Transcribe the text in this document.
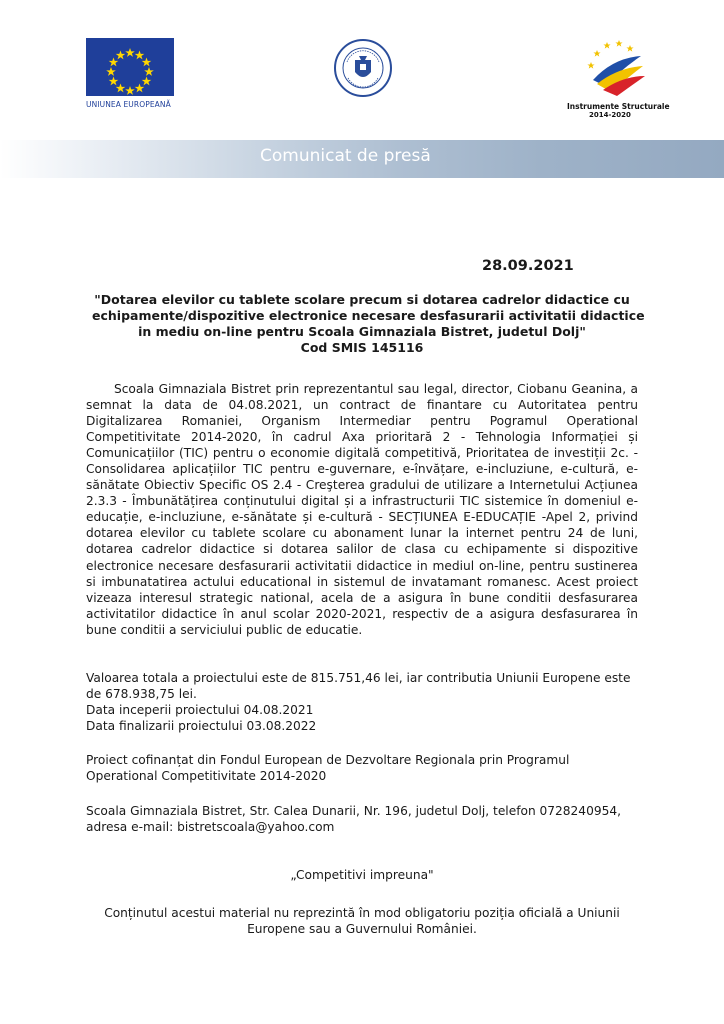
UNIUNEA EUROPEANĂ	Instrumente Structurale
2014-2020
Comunicat de presă
28.09.2021
"Dotarea elevilor cu tablete scolare precum si dotarea cadrelor didactice cu
echipamente/dispozitive electronice necesare desfasurarii activitatii didactice
in mediu on-line pentru Scoala Gimnaziala Bistret, judetul Dolj"
Cod SMIS 145116
Scoala Gimnaziala Bistret prin reprezentantul sau legal, director, Ciobanu Geanina, a semnat la data de 04.08.2021, un contract de finantare cu Autoritatea pentru Digitalizarea Romaniei, Organism Intermediar pentru Pogramul Operational Competitivitate 2014-2020, în cadrul Axa prioritară 2 - Tehnologia Informației și Comunicațiilor (TIC) pentru o economie digitală competitivă, Prioritatea de investiții 2c. - Consolidarea aplicațiilor TIC pentru e-guvernare, e-învățare, e-incluziune, e-cultură, e-sănătate Obiectiv Specific OS 2.4 - Creşterea gradului de utilizare a Internetului Acțiunea 2.3.3 - Îmbunătățirea conținutului digital și a infrastructurii TIC sistemice în domeniul e-educație, e-incluziune, e-sănătate și e-cultură - SECȚIUNEA E-EDUCAȚIE -Apel 2, privind dotarea elevilor cu tablete scolare cu abonament lunar la internet pentru 24 de luni, dotarea cadrelor didactice si dotarea salilor de clasa cu echipamente si dispozitive electronice necesare desfasurarii activitatii didactice in mediul on-line, pentru sustinerea si imbunatatirea actului educational in sistemul de invatamant romanesc. Acest proiect vizeaza interesul strategic national, acela de a asigura în bune conditii desfasurarea activitatilor didactice în anul scolar 2020-2021, respectiv de a asigura desfasurarea în bune conditii a serviciului public de educatie.
Valoarea totala a proiectului este de 815.751,46 lei, iar contributia Uniunii Europene este
de 678.938,75 lei.
Data inceperii proiectului 04.08.2021
Data finalizarii proiectului 03.08.2022
Proiect cofinanțat din Fondul European de Dezvoltare Regionala prin Programul
Operational Competitivitate 2014-2020
Scoala Gimnaziala Bistret, Str. Calea Dunarii, Nr. 196, judetul Dolj, telefon 0728240954,
adresa e-mail: bistretscoala@yahoo.com
„Competitivi impreuna"
Conținutul acestui material nu reprezintă în mod obligatoriu poziția oficială a Uniunii
Europene sau a Guvernului României.
